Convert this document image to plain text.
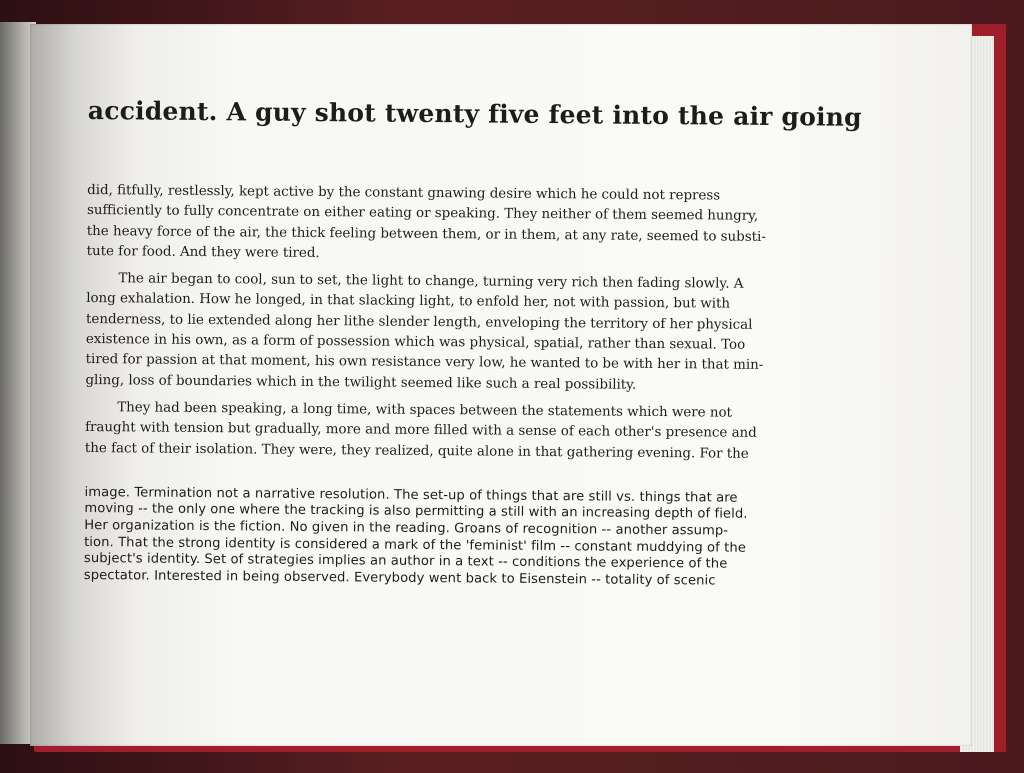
accident. A guy shot twenty five feet into the air going
did, fitfully, restlessly, kept active by the constant gnawing desire which he could not repress
sufficiently to fully concentrate on either eating or speaking. They neither of them seemed hungry,
the heavy force of the air, the thick feeling between them, or in them, at any rate, seemed to substi-
tute for food. And they were tired.
The air began to cool, sun to set, the light to change, turning very rich then fading slowly. A
long exhalation. How he longed, in that slacking light, to enfold her, not with passion, but with
tenderness, to lie extended along her lithe slender length, enveloping the territory of her physical
existence in his own, as a form of possession which was physical, spatial, rather than sexual. Too
tired for passion at that moment, his own resistance very low, he wanted to be with her in that min-
gling, loss of boundaries which in the twilight seemed like such a real possibility.
They had been speaking, a long time, with spaces between the statements which were not
fraught with tension but gradually, more and more filled with a sense of each other's presence and
the fact of their isolation. They were, they realized, quite alone in that gathering evening. For the
image. Termination not a narrative resolution. The set-up of things that are still vs. things that are
moving -- the only one where the tracking is also permitting a still with an increasing depth of field.
Her organization is the fiction. No given in the reading. Groans of recognition -- another assump-
tion. That the strong identity is considered a mark of the 'feminist' film -- constant muddying of the
subject's identity. Set of strategies implies an author in a text -- conditions the experience of the
spectator. Interested in being observed. Everybody went back to Eisenstein -- totality of scenic
